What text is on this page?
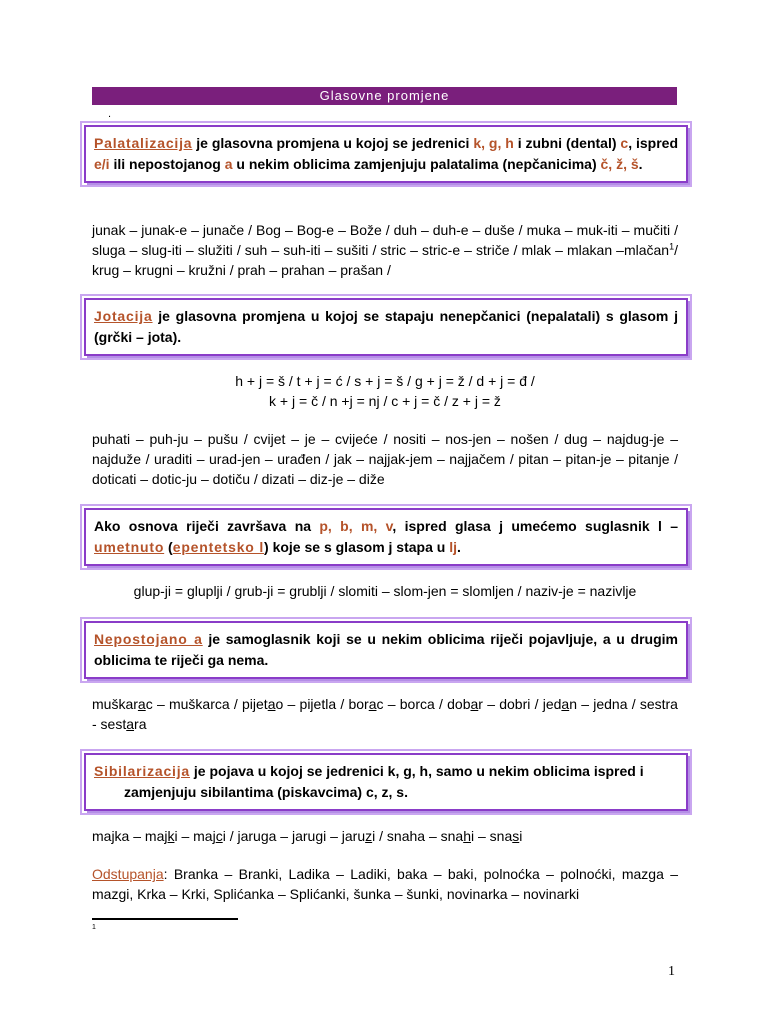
Glasovne promjene
.
Palatalizacija je glasovna promjena u kojoj se jedrenici k, g, h i zubni (dental) c, ispred e/i ili nepostojanog a u nekim oblicima zamjenjuju palatalima (nepčanicima) č, ž, š.
junak – junak-e – junače / Bog – Bog-e – Bože / duh – duh-e – duše / muka – muk-iti – mučiti / sluga – slug-iti – služiti / suh – suh-iti – sušiti / stric – stric-e – striče / mlak – mlakan –mlačan$^1$/ krug – krugni – kružni / prah – prahan – prašan /
Jotacija je glasovna promjena u kojoj se stapaju nenepčanici (nepalatali) s glasom j (grčki – jota).
h + j = š / t + j = ć / s + j = š / g + j = ž / d + j = đ /
k + j = č / n +j = nj / c + j = č / z + j = ž
puhati – puh-ju – pušu / cvijet – je – cvijeće / nositi – nos-jen – nošen / dug – najdug-je – najduže / uraditi – urad-jen – urađen / jak – najjak-jem – najjačem / pitan – pitan-je – pitanje / doticati – dotic-ju – dotiču / dizati – diz-je – diže
Ako osnova riječi završava na p, b, m, v, ispred glasa j umećemo suglasnik l – umetnuto (epentetsko l) koje se s glasom j stapa u lj.
glup-ji = gluplji / grub-ji = grublji / slomiti – slom-jen = slomljen / naziv-je = nazivlje
Nepostojano a je samoglasnik koji se u nekim oblicima riječi pojavljuje, a u drugim oblicima te riječi ga nema.
muškarac – muškarca / pijetao – pijetla / borac – borca / dobar – dobri / jedan – jedna / sestra - sestara
Sibilarizacija je pojava u kojoj se jedrenici k, g, h, samo u nekim oblicima ispred i
zamjenjuju sibilantima (piskavcima) c, z, s.
majka – majki – majci / jaruga – jarugi – jaruzi / snaha – snahi – snasi
Odstupanja: Branka – Branki, Ladika – Ladiki, baka – baki, polnoćka – polnoćki, mazga – mazgi, Krka – Krki, Splićanka – Splićanki, šunka – šunki, novinarka – novinarki
1
1
